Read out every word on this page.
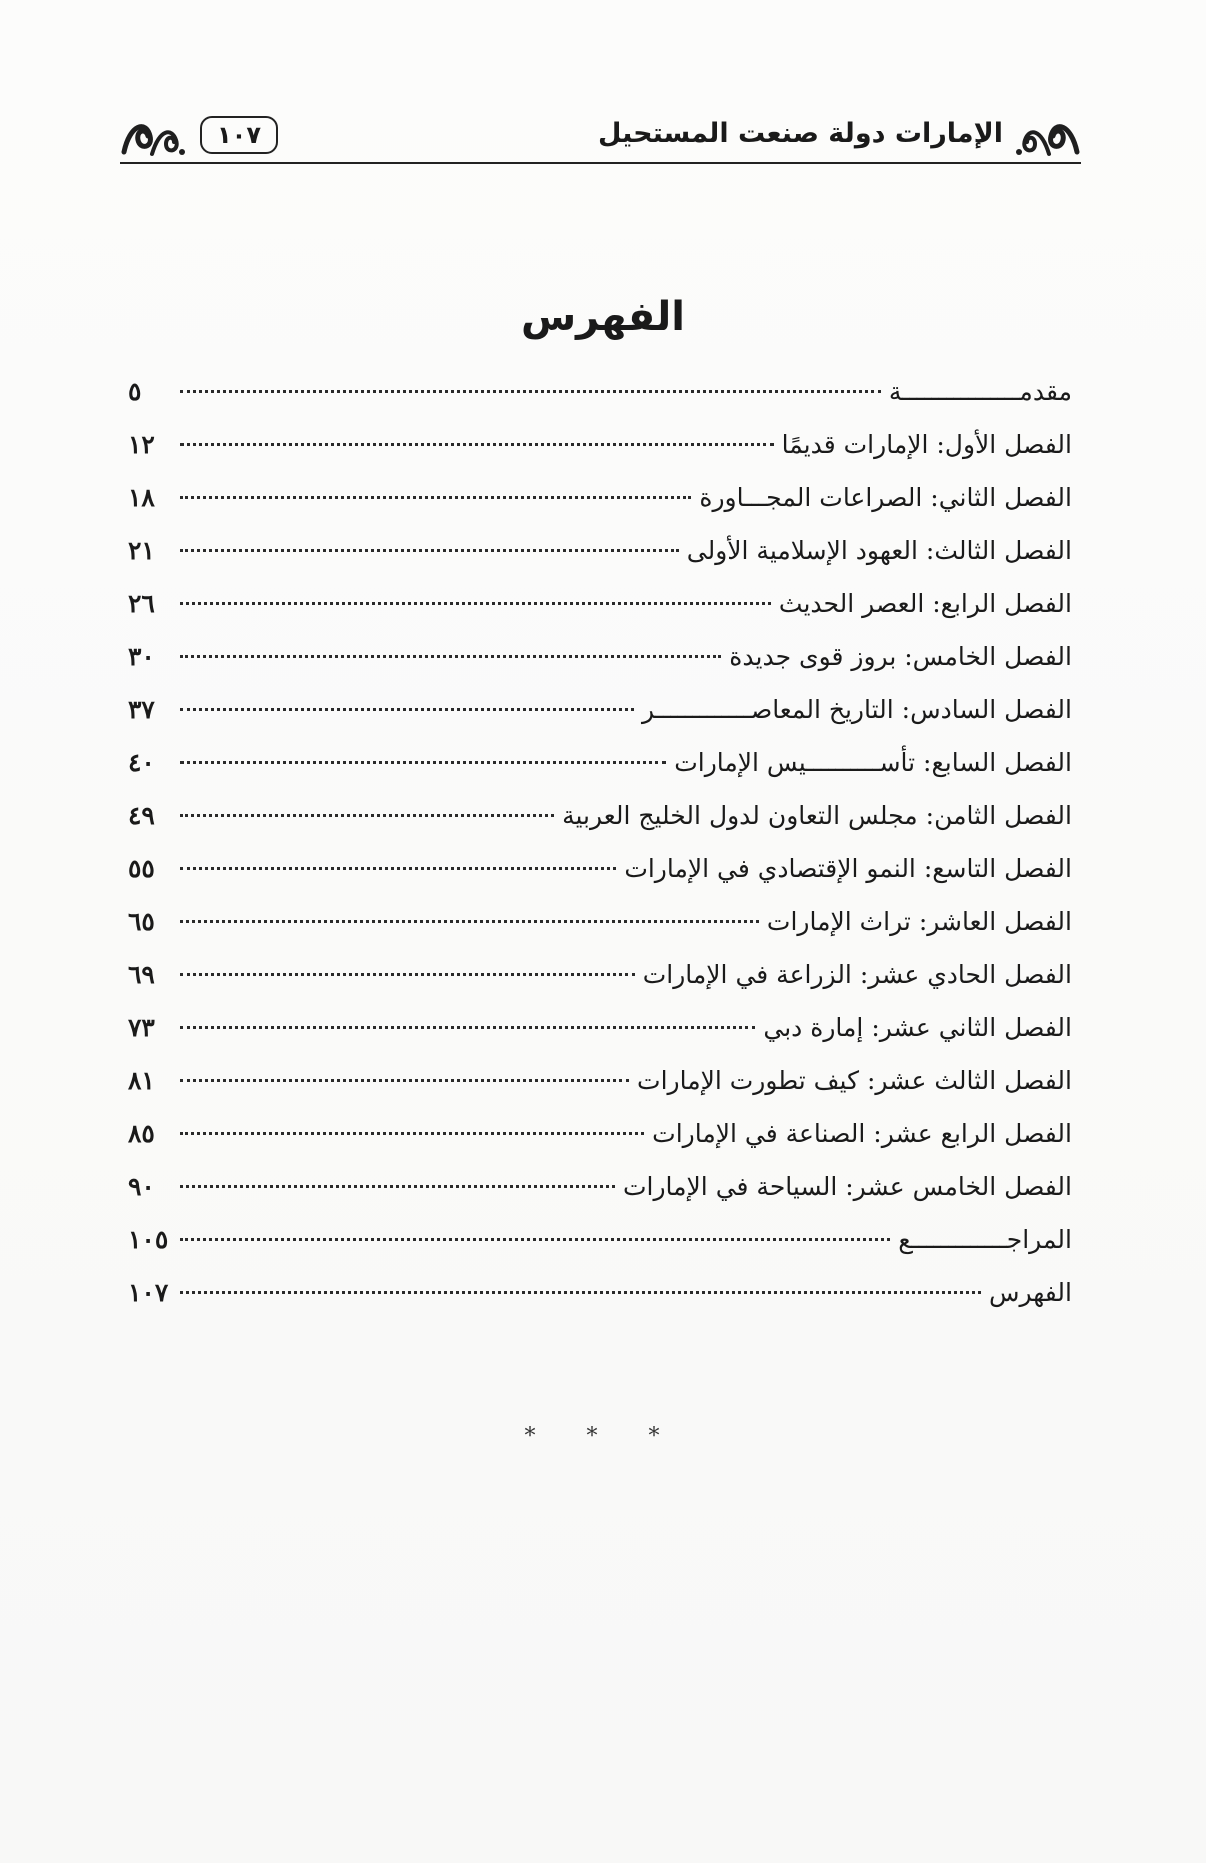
الإمارات دولة صنعت المستحيل
١٠٧
الفهرس
مقدمــــــــــــــــة
٥
الفصل الأول: الإمارات قديمًا
١٢
الفصل الثاني: الصراعات المجـــاورة
١٨
الفصل الثالث: العهود الإسلامية الأولى
٢١
الفصل الرابع: العصر الحديث
٢٦
الفصل الخامس: بروز قوى جديدة
٣٠
الفصل السادس: التاريخ المعاصـــــــــــــر
٣٧
الفصل السابع: تأســــــــــيس الإمارات
٤٠
الفصل الثامن: مجلس التعاون لدول الخليج العربية
٤٩
الفصل التاسع: النمو الإقتصادي في الإمارات
٥٥
الفصل العاشر: تراث الإمارات
٦٥
الفصل الحادي عشر: الزراعة في الإمارات
٦٩
الفصل الثاني عشر: إمارة دبي
٧٣
الفصل الثالث عشر: كيف تطورت الإمارات
٨١
الفصل الرابع عشر: الصناعة في الإمارات
٨٥
الفصل الخامس عشر: السياحة في الإمارات
٩٠
المراجـــــــــــــع
١٠٥
الفهرس
١٠٧
* * *
